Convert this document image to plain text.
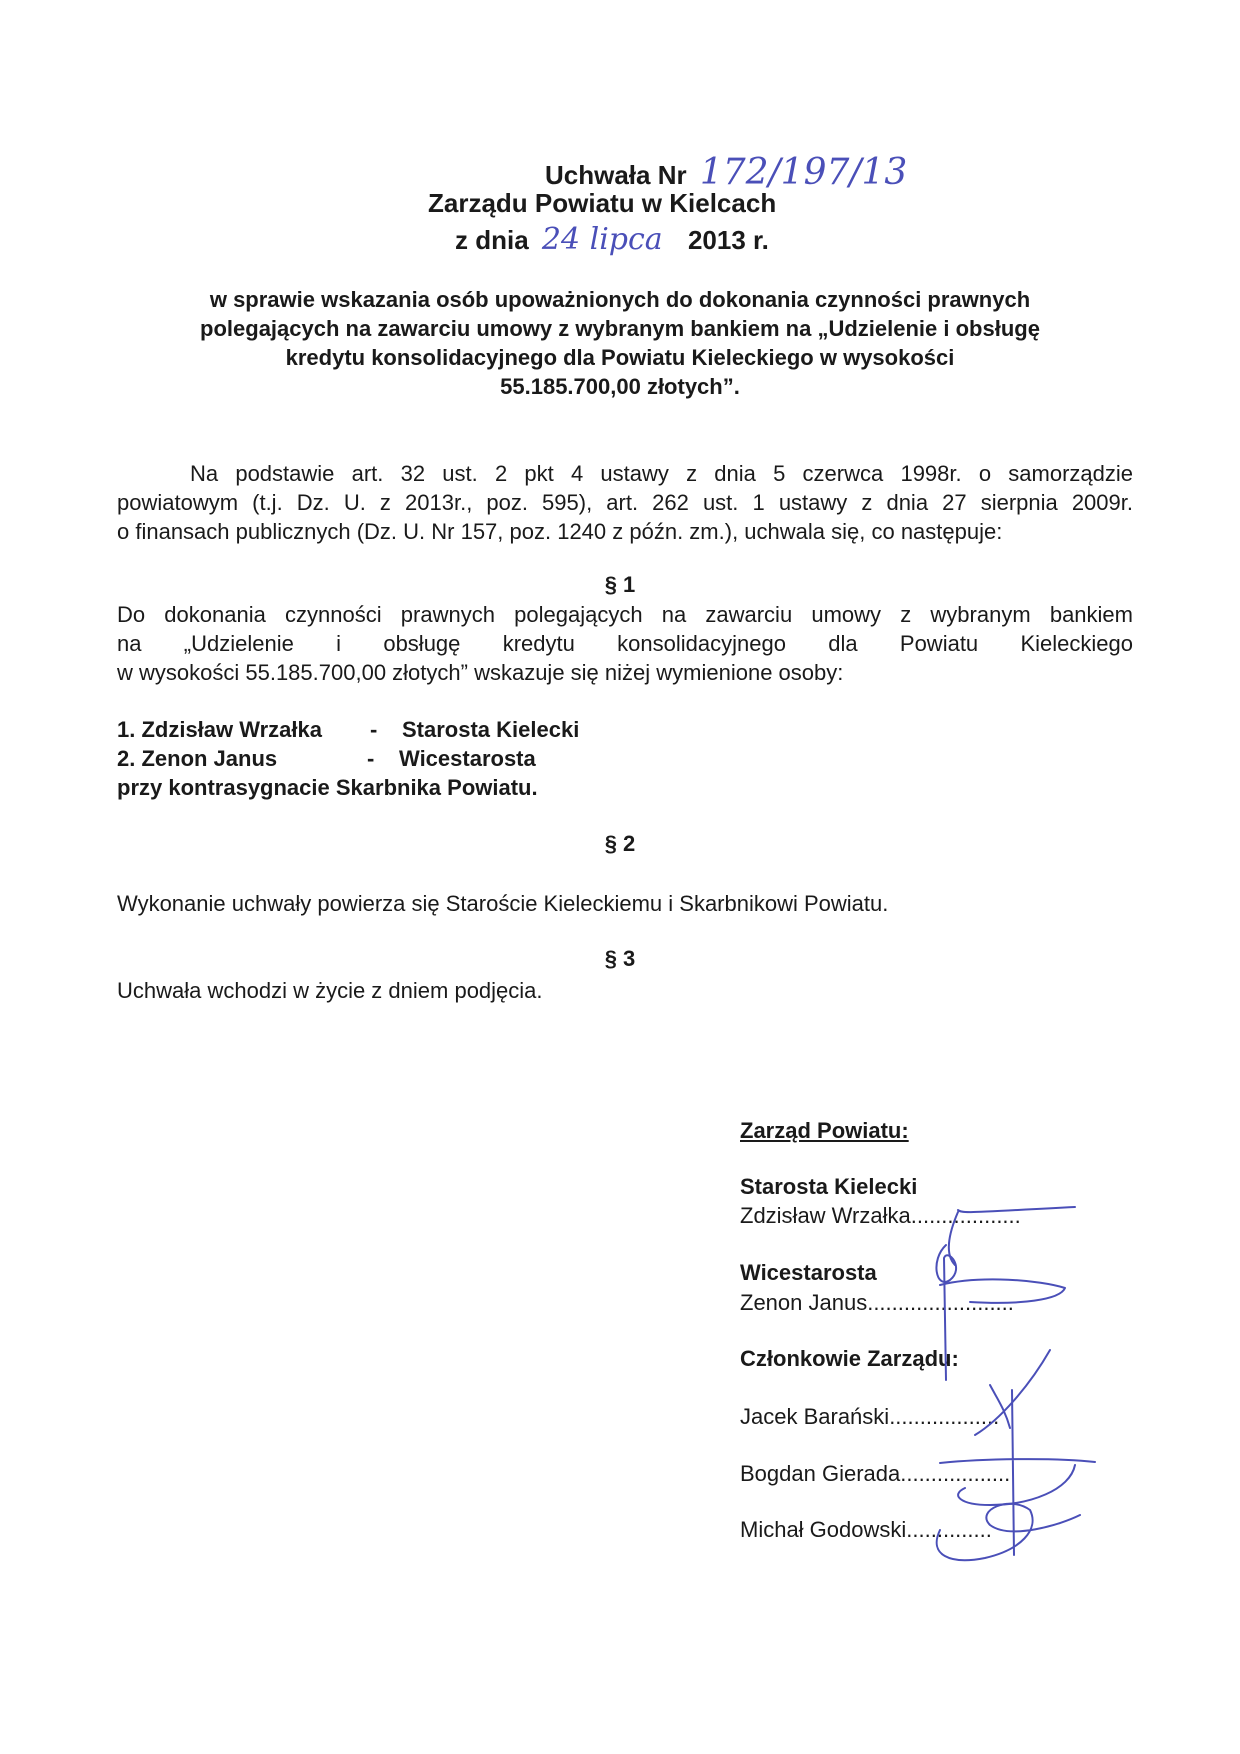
Uchwała Nr 172/197/13
Zarządu Powiatu w Kielcach
z dnia 24 lipca 2013 r.
w sprawie wskazania osób upoważnionych do dokonania czynności prawnych
polegających na zawarciu umowy z wybranym bankiem na „Udzielenie i obsługę
kredytu konsolidacyjnego dla Powiatu Kieleckiego w wysokości
55.185.700,00 złotych”.
Na podstawie art. 32 ust. 2 pkt 4 ustawy z dnia 5 czerwca 1998r. o samorządzie
powiatowym (t.j. Dz. U. z 2013r., poz. 595), art. 262 ust. 1 ustawy z dnia 27 sierpnia 2009r.
o finansach publicznych (Dz. U. Nr 157, poz. 1240 z późn. zm.), uchwala się, co następuje:
§ 1
Do dokonania czynności prawnych polegających na zawarciu umowy z wybranym bankiem
na „Udzielenie i obsługę kredytu konsolidacyjnego dla Powiatu Kieleckiego
w wysokości 55.185.700,00 złotych” wskazuje się niżej wymienione osoby:
1. Zdzisław Wrzałka - Starosta Kielecki
2. Zenon Janus	- Wicestarosta
przy kontrasygnacie Skarbnika Powiatu.
§ 2
Wykonanie uchwały powierza się Staroście Kieleckiemu i Skarbnikowi Powiatu.
§ 3
Uchwała wchodzi w życie z dniem podjęcia.
Zarząd Powiatu:
Starosta Kielecki
Zdzisław Wrzałka..................
Wicestarosta
Zenon Janus........................
Członkowie Zarządu:
Jacek Barański..................
Bogdan Gierada..................
Michał Godowski..............
